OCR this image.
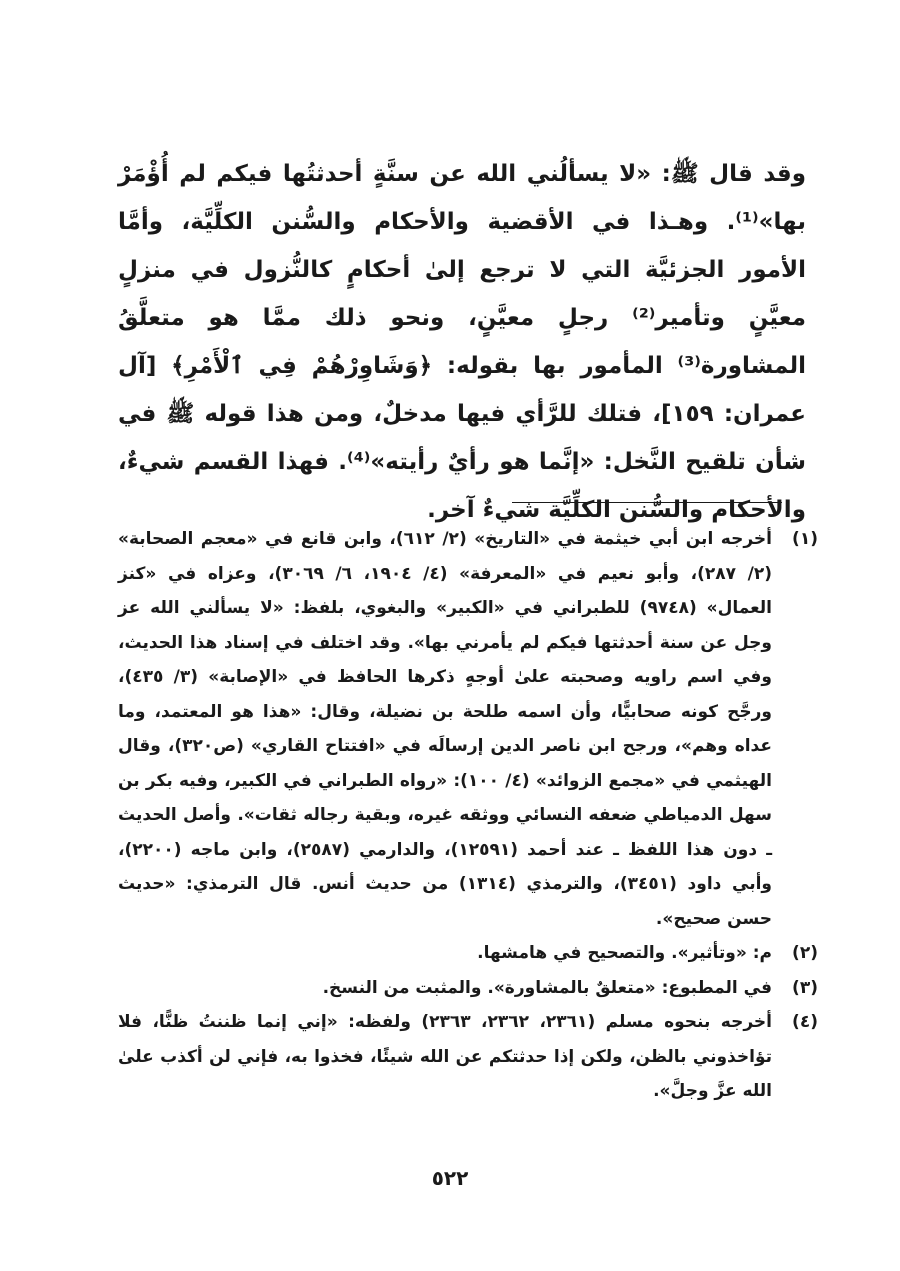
وقد قال ﷺ: «لا يسألُني الله عن سنَّةٍ أحدثتُها فيكم لم أُؤْمَرْ بها»⁽¹⁾. وهـذا في الأقضية والأحكام والسُّنن الكلِّيَّة، وأمَّا الأمور الجزئيَّة التي لا ترجع إلىٰ أحكامٍ كالنُّزول في منزلٍ معيَّنٍ وتأمير⁽²⁾ رجلٍ معيَّنٍ، ونحو ذلك ممَّا هو متعلَّقُ المشاورة⁽³⁾ المأمور بها بقوله: ﴿وَشَاوِرْهُمْ فِي ٱلْأَمْرِ﴾ [آل عمران: ١٥٩]، فتلك للرَّأي فيها مدخلٌ، ومن هذا قوله ﷺ في شأن تلقيح النَّخل: «إنَّما هو رأيٌ رأيته»⁽⁴⁾. فهذا القسم شيءٌ، والأحكام والسُّنن الكلِّيَّة شيءٌ آخر.

(١)
أخرجه ابن أبي خيثمة في «التاريخ» (٢/ ٦١٢)، وابن قانع في «معجم الصحابة» (٢/ ٢٨٧)، وأبو نعيم في «المعرفة» (٤/ ١٩٠٤، ٦/ ٣٠٦٩)، وعزاه في «كنز العمال» (٩٧٤٨) للطبراني في «الكبير» والبغوي، بلفظ: «لا يسألني الله عز وجل عن سنة أحدثتها فيكم لم يأمرني بها». وقد اختلف في إسناد هذا الحديث، وفي اسم راويه وصحبته علىٰ أوجهٍ ذكرها الحافظ في «الإصابة» (٣/ ٤٣٥)، ورجَّح كونه صحابيًّا، وأن اسمه طلحة بن نضيلة، وقال: «هذا هو المعتمد، وما عداه وهم»، ورجح ابن ناصر الدين إرسالَه في «افتتاح القاري» (ص٣٢٠)، وقال الهيثمي في «مجمع الزوائد» (٤/ ١٠٠): «رواه الطبراني في الكبير، وفيه بكر بن سهل الدمياطي ضعفه النسائي ووثقه غيره، وبقية رجاله ثقات». وأصل الحديث ـ دون هذا اللفظ ـ عند أحمد (١٢٥٩١)، والدارمي (٢٥٨٧)، وابن ماجه (٢٢٠٠)، وأبي داود (٣٤٥١)، والترمذي (١٣١٤) من حديث أنس. قال الترمذي: «حديث حسن صحيح».
(٢)
م: «وتأثير». والتصحيح في هامشها.
(٣)
في المطبوع: «متعلقٌ بالمشاورة». والمثبت من النسخ.
(٤)
أخرجه بنحوه مسلم (٢٣٦١، ٢٣٦٢، ٢٣٦٣) ولفظه: «إني إنما ظننتُ ظنًّا، فلا تؤاخذوني بالظن، ولكن إذا حدثتكم عن الله شيئًا، فخذوا به، فإني لن أكذب علىٰ الله عزَّ وجلَّ».
٥٢٢
